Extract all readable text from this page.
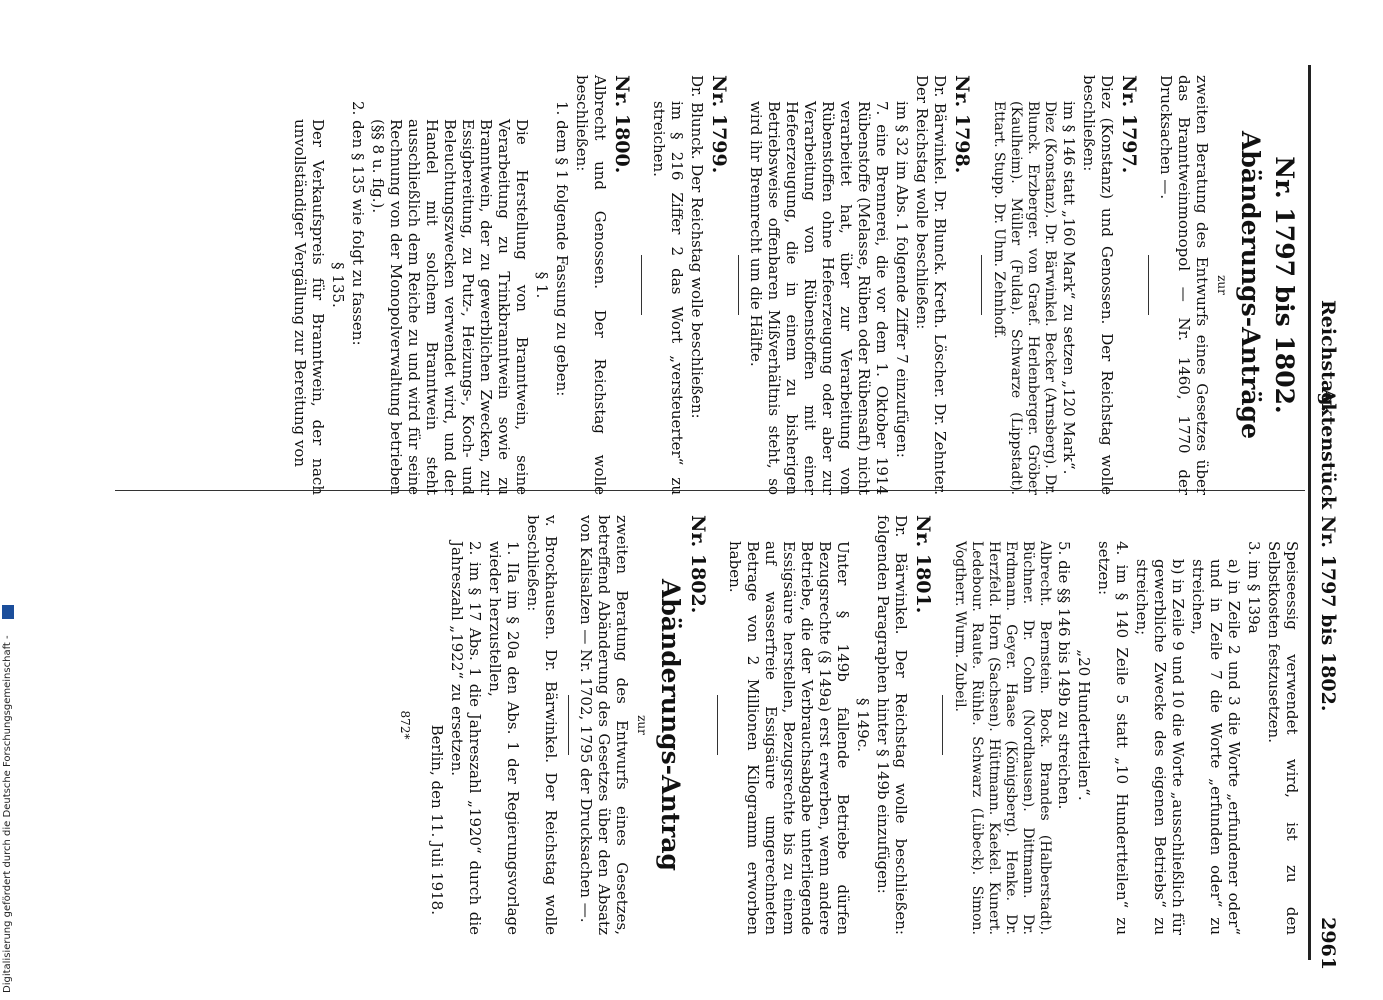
Reichstag.
Aktenstück Nr. 1797 bis 1802.
2961
Nr. 1797 bis 1802.
Abänderungs-Anträge
zur
zweiten Beratung des Entwurfs eines Gesetzes über das Branntweinmonopol — Nr. 1460, 1770 der Drucksachen —.
Nr. 1797.
Diez (Konstanz) und Genossen. Der Reichstag wolle beschließen:
im § 146 statt „160 Mark“ zu setzen „120 Mark“.
Diez (Konstanz). Dr. Bärwinkel. Becker (Arnsberg). Dr. Blunck. Erzberger. von Graef. Herlenberger. Gröber (Kaulheim). Müller (Fulda). Schwarze (Lippstadt). Ettart. Stupp. Dr. Uhm. Zehnhoff.
Nr. 1798.
Dr. Bärwinkel. Dr. Blunck. Kreth. Löscher. Dr. Zehnter. Der Reichstag wolle beschließen:
im § 32 im Abs. 1 folgende Ziffer 7 einzufügen:
7. eine Brennerei, die vor dem 1. Oktober 1914 Rübenstoffe (Melasse, Rüben oder Rübensaft) nicht verarbeitet hat, über zur Verarbeitung von Rübenstoffen ohne Hefeerzeugung oder aber zur Verarbeitung von Rübenstoffen mit einer Hefeerzeugung, die in einem zu bisherigen Betriebsweise offenbaren Mißverhältnis steht, so wird ihr Brennrecht um die Hälfte.
Nr. 1799.
Dr. Blunck. Der Reichstag wolle beschließen:
im § 216 Ziffer 2 das Wort „versteuerter“ zu streichen.
Nr. 1800.
Albrecht und Genossen. Der Reichstag wolle beschließen:
1. dem § 1 folgende Fassung zu geben:
§ 1.
Die Herstellung von Branntwein, seine Verarbeitung zu Trinkbranntwein sowie zu Branntwein, der zu gewerblichen Zwecken, zur Essigbereitung, zu Putz-, Heizungs-, Koch- und Beleuchtungszwecken verwendet wird, und der Handel mit solchem Branntwein steht ausschließlich dem Reiche zu und wird für seine Rechnung von der Monopolverwaltung betrieben (§§ 8 u. flg.).
2. den § 135 wie folgt zu fassen:
§ 135.
Der Verkaufspreis für Branntwein, der nach unvollständiger Vergällung zur Bereitung von
Speiseessig verwendet wird, ist zu den Selbstkosten festzusetzen.
3. im § 139a
a) in Zeile 2 und 3 die Worte „erfundener oder“ und in Zeile 7 die Worte „erfunden oder“ zu streichen,
b) in Zeile 9 und 10 die Worte „ausschließlich für gewerbliche Zwecke des eigenen Betriebs“ zu streichen;
4. im § 140 Zeile 5 statt „10 Hundertteilen“ zu setzen:
„20 Hundertteilen“.
5. die §§ 146 bis 149b zu streichen.
Albrecht. Bernstein. Bock. Brandes (Halberstadt). Büchner. Dr. Cohn (Nordhausen). Dittmann. Dr. Erdmann. Geyer. Haase (Königsberg). Henke. Dr. Herzfeld. Horn (Sachsen). Hüttmann. Kaekel. Kunert. Ledebour. Raute. Rühle. Schwarz (Lübeck). Simon. Vogtherr. Wurm. Zubeil.
Nr. 1801.
Dr. Bärwinkel. Der Reichstag wolle beschließen: folgenden Paragraphen hinter § 149b einzufügen:
§ 149c.
Unter § 149b fallende Betriebe dürfen Bezugsrechte (§ 149a) erst erwerben, wenn andere Betriebe, die der Verbrauchsabgabe unterliegende Essigsäure herstellen, Bezugsrechte bis zu einem auf wasserfreie Essigsäure umgerechneten Betrage von 2 Millionen Kilogramm erworben haben.
Nr. 1802.
Abänderungs-Antrag
zur
zweiten Beratung des Entwurfs eines Gesetzes, betreffend Abänderung des Gesetzes über den Absatz von Kalisalzen — Nr. 1702, 1795 der Drucksachen —.
v. Brockhausen. Dr. Bärwinkel. Der Reichstag wolle beschließen:
1. IIa im § 20a den Abs. 1 der Regierungsvorlage wieder herzustellen,
2. im § 17 Abs. 1 die Jahreszahl „1920“ durch die Jahreszahl „1922“ zu ersetzen.
Berlin, den 11. Juli 1918.
872*
Digitalisierung gefördert durch die Deutsche Forschungsgemeinschaft -
